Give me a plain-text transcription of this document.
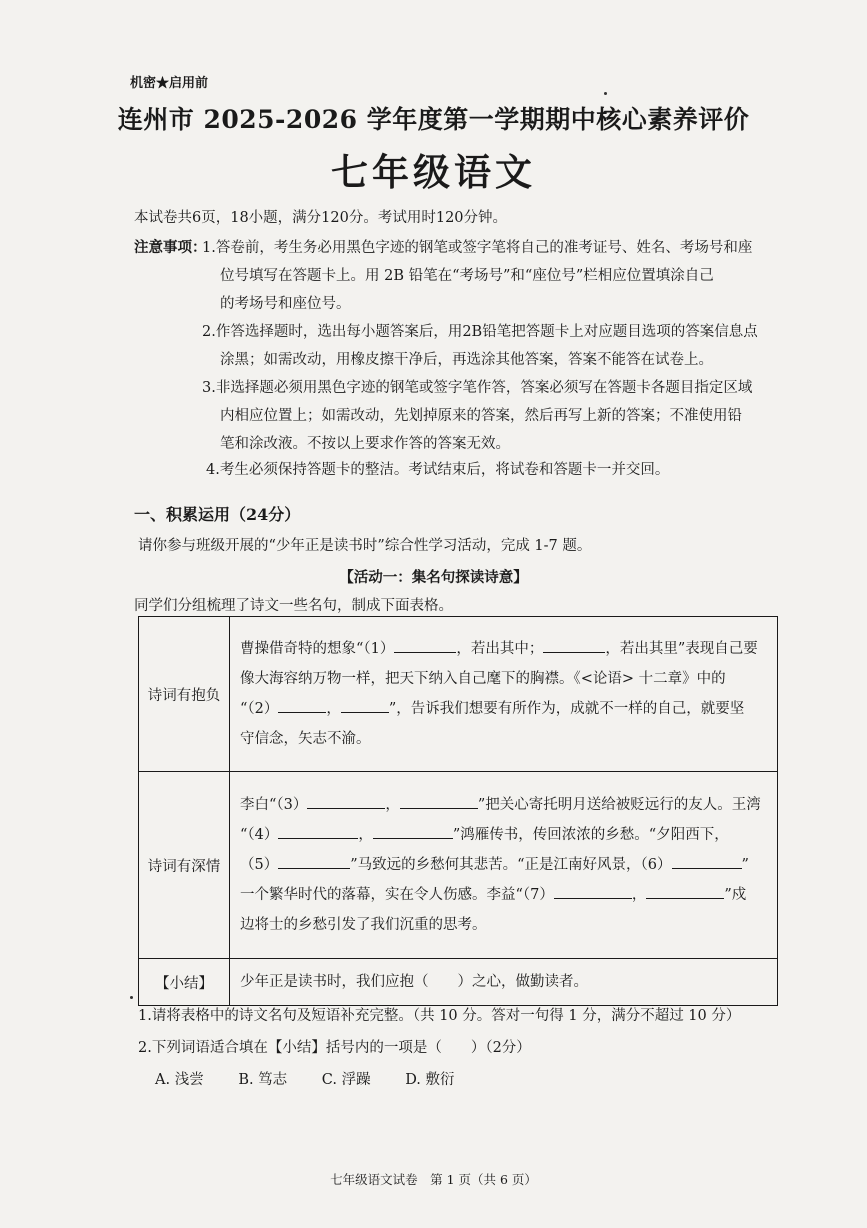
机密★启用前
连州市 2025-2026 学年度第一学期期中核心素养评价
七年级语文
本试卷共6页，18小题，满分120分。考试用时120分钟。
注意事项：
1.答卷前，考生务必用黑色字迹的钢笔或签字笔将自己的准考证号、姓名、考场号和座
位号填写在答题卡上。用 2B 铅笔在“考场号”和“座位号”栏相应位置填涂自己
的考场号和座位号。
2.作答选择题时，选出每小题答案后，用2B铅笔把答题卡上对应题目选项的答案信息点
涂黑；如需改动，用橡皮擦干净后，再选涂其他答案，答案不能答在试卷上。
3.非选择题必须用黑色字迹的钢笔或签字笔作答，答案必须写在答题卡各题目指定区域
内相应位置上；如需改动，先划掉原来的答案，然后再写上新的答案；不准使用铅
笔和涂改液。不按以上要求作答的答案无效。
4.考生必须保持答题卡的整洁。考试结束后，将试卷和答题卡一并交回。
一、积累运用（24分）
请你参与班级开展的“少年正是读书时”综合性学习活动，完成 1-7 题。
【活动一：集名句探读诗意】
同学们分组梳理了诗文一些名句，制成下面表格。
诗词有抱负	曹操借奇特的想象“（1） ，若出其中； ，若出其里”表现自己要
像大海容纳万物一样，把天下纳入自己麾下的胸襟。《<论语> 十二章》中的
“（2） ， ”，告诉我们想要有所作为，成就不一样的自己，就要坚
守信念，矢志不渝。

诗词有深情	李白“（3） ， ”把关心寄托明月送给被贬远行的友人。王湾
“（4） ， ”鸿雁传书，传回浓浓的乡愁。“夕阳西下，
（5） ”马致远的乡愁何其悲苦。“正是江南好风景，（6） ”
一个繁华时代的落幕，实在令人伤感。李益“（7） ， ”戍
边将士的乡愁引发了我们沉重的思考。

【小结】	少年正是读书时，我们应抱（　　）之心，做勤读者。
1.请将表格中的诗文名句及短语补充完整。（共 10 分。答对一句得 1 分，满分不超过 10 分）
2.下列词语适合填在【小结】括号内的一项是（　　）（2分）
A. 浅尝 B. 笃志 C. 浮躁 D. 敷衍
七年级语文试卷　第 1 页（共 6 页）
